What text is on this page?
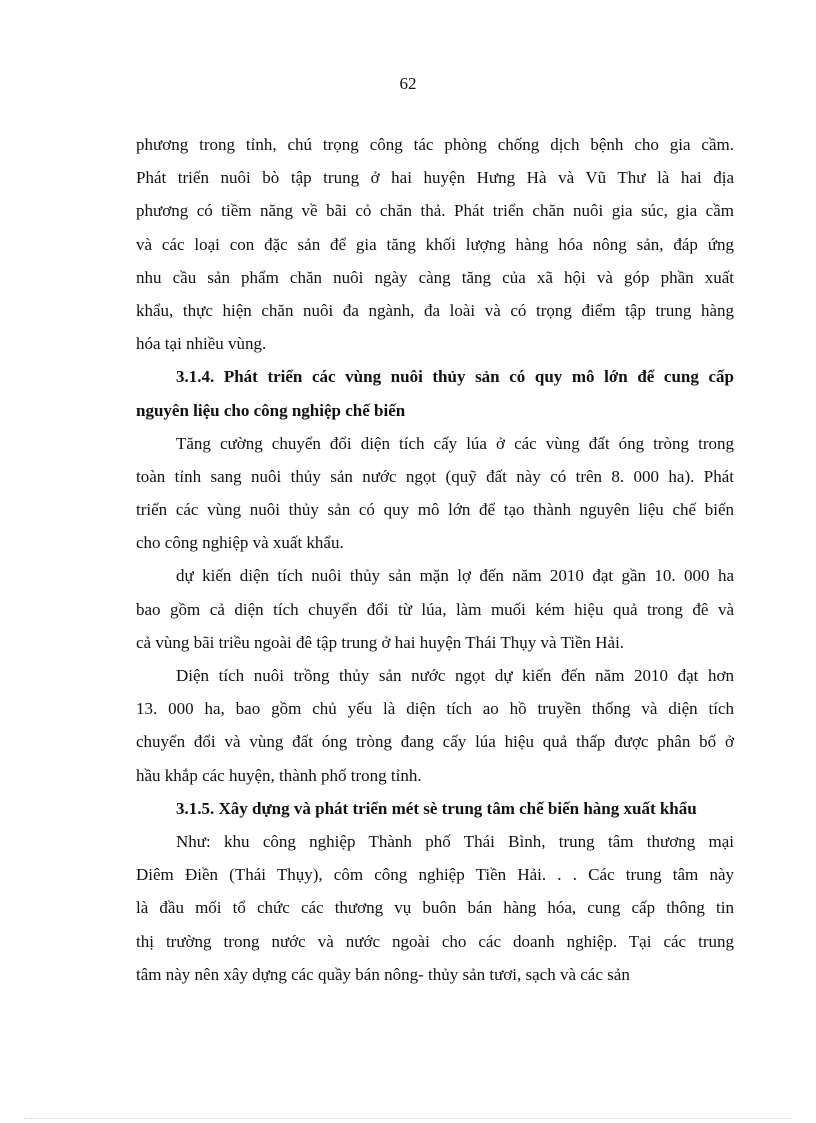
62
phương trong tỉnh, chú trọng công tác phòng chống dịch bệnh cho gia cầm.
Phát triển nuôi bò tập trung ở hai huyện Hưng Hà và Vũ Thư là hai địa
phương có tiềm năng về bãi cỏ chăn thả. Phát triển chăn nuôi gia súc, gia cầm
và các loại con đặc sản để gia tăng khối lượng hàng hóa nông sản, đáp ứng
nhu cầu sản phẩm chăn nuôi ngày càng tăng của xã hội và góp phần xuất
khẩu, thực hiện chăn nuôi đa ngành, đa loài và có trọng điểm tập trung hàng
hóa tại nhiều vùng.
3.1.4. Phát triển các vùng nuôi thủy sản có quy mô lớn để cung cấp
nguyên liệu cho công nghiệp chế biến
Tăng cường chuyển đổi diện tích cấy lúa ở các vùng đất óng tròng trong
toàn tỉnh sang nuôi thủy sản nước ngọt (quỹ đất này có trên 8. 000 ha). Phát
triển các vùng nuôi thủy sản có quy mô lớn để tạo thành nguyên liệu chế biến
cho công nghiệp và xuất khẩu.
dự kiến diện tích nuôi thủy sản mặn lợ đến năm 2010 đạt gần 10. 000 ha
bao gồm cả diện tích chuyển đổi từ lúa, làm muối kém hiệu quả trong đê và
cả vùng bãi triều ngoài đê tập trung ở hai huyện Thái Thụy và Tiền Hải.
Diện tích nuôi trồng thủy sản nước ngọt dự kiến đến năm 2010 đạt hơn
13. 000 ha, bao gồm chủ yếu là diện tích ao hồ truyền thống và diện tích
chuyển đổi và vùng đất óng tròng đang cấy lúa hiệu quả thấp được phân bố ở
hầu khắp các huyện, thành phố trong tỉnh.
3.1.5. Xây dựng và phát triển mét sè trung tâm chế biến hàng xuất khẩu
Như: khu công nghiệp Thành phố Thái Bình, trung tâm thương mại
Diêm Điền (Thái Thụy), côm công nghiệp Tiền Hải. . . Các trung tâm này
là đầu mối tổ chức các thương vụ buôn bán hàng hóa, cung cấp thông tin
thị trường trong nước và nước ngoài cho các doanh nghiệp. Tại các trung
tâm này nên xây dựng các quầy bán nông- thủy sản tươi, sạch và các sản
